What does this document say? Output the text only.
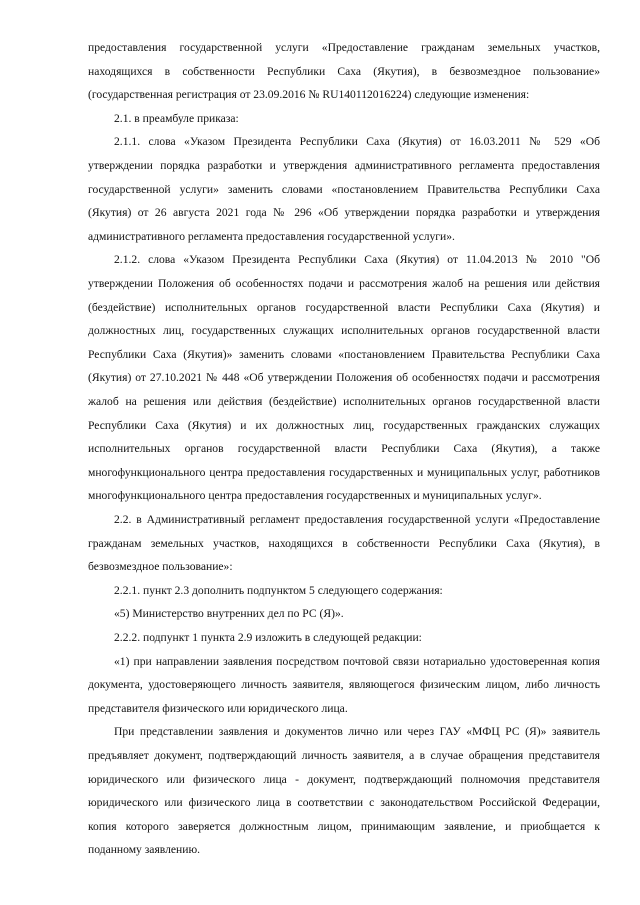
предоставления государственной услуги «Предоставление гражданам земельных участков,

находящихся в собственности Республики Саха (Якутия), в безвозмездное пользование»

(государственная регистрация от 23.09.2016 № RU140112016224) следующие изменения:

2.1. в преамбуле приказа:

2.1.1. слова «Указом Президента Республики Саха (Якутия) от 16.03.2011 № 529 «Об

утверждении порядка разработки и утверждения административного регламента предоставления

государственной услуги» заменить словами «постановлением Правительства Республики Саха

(Якутия) от 26 августа 2021 года № 296 «Об утверждении порядка разработки и утверждения

административного регламента предоставления государственной услуги».

2.1.2. слова «Указом Президента Республики Саха (Якутия) от 11.04.2013 № 2010 "Об

утверждении Положения об особенностях подачи и рассмотрения жалоб на решения или действия

(бездействие) исполнительных органов государственной власти Республики Саха (Якутия) и

должностных лиц, государственных служащих исполнительных органов государственной власти

Республики Саха (Якутия)» заменить словами «постановлением Правительства Республики Саха

(Якутия) от 27.10.2021 № 448 «Об утверждении Положения об особенностях подачи и рассмотрения

жалоб на решения или действия (бездействие) исполнительных органов государственной власти

Республики Саха (Якутия) и их должностных лиц, государственных гражданских служащих

исполнительных органов государственной власти Республики Саха (Якутия), а также

многофункционального центра предоставления государственных и муниципальных услуг, работников

многофункционального центра предоставления государственных и муниципальных услуг».

2.2. в Административный регламент предоставления государственной услуги «Предоставление

гражданам земельных участков, находящихся в собственности Республики Саха (Якутия), в

безвозмездное пользование»:

2.2.1. пункт 2.3 дополнить подпунктом 5 следующего содержания:

«5) Министерство внутренних дел по РС (Я)».

2.2.2. подпункт 1 пункта 2.9 изложить в следующей редакции:

«1) при направлении заявления посредством почтовой связи нотариально удостоверенная копия

документа, удостоверяющего личность заявителя, являющегося физическим лицом, либо личность

представителя физического или юридического лица.

При представлении заявления и документов лично или через ГАУ «МФЦ РС (Я)» заявитель

предъявляет документ, подтверждающий личность заявителя, а в случае обращения представителя

юридического или физического лица - документ, подтверждающий полномочия представителя

юридического или физического лица в соответствии с законодательством Российской Федерации,

копия которого заверяется должностным лицом, принимающим заявление, и приобщается к

поданному заявлению.
